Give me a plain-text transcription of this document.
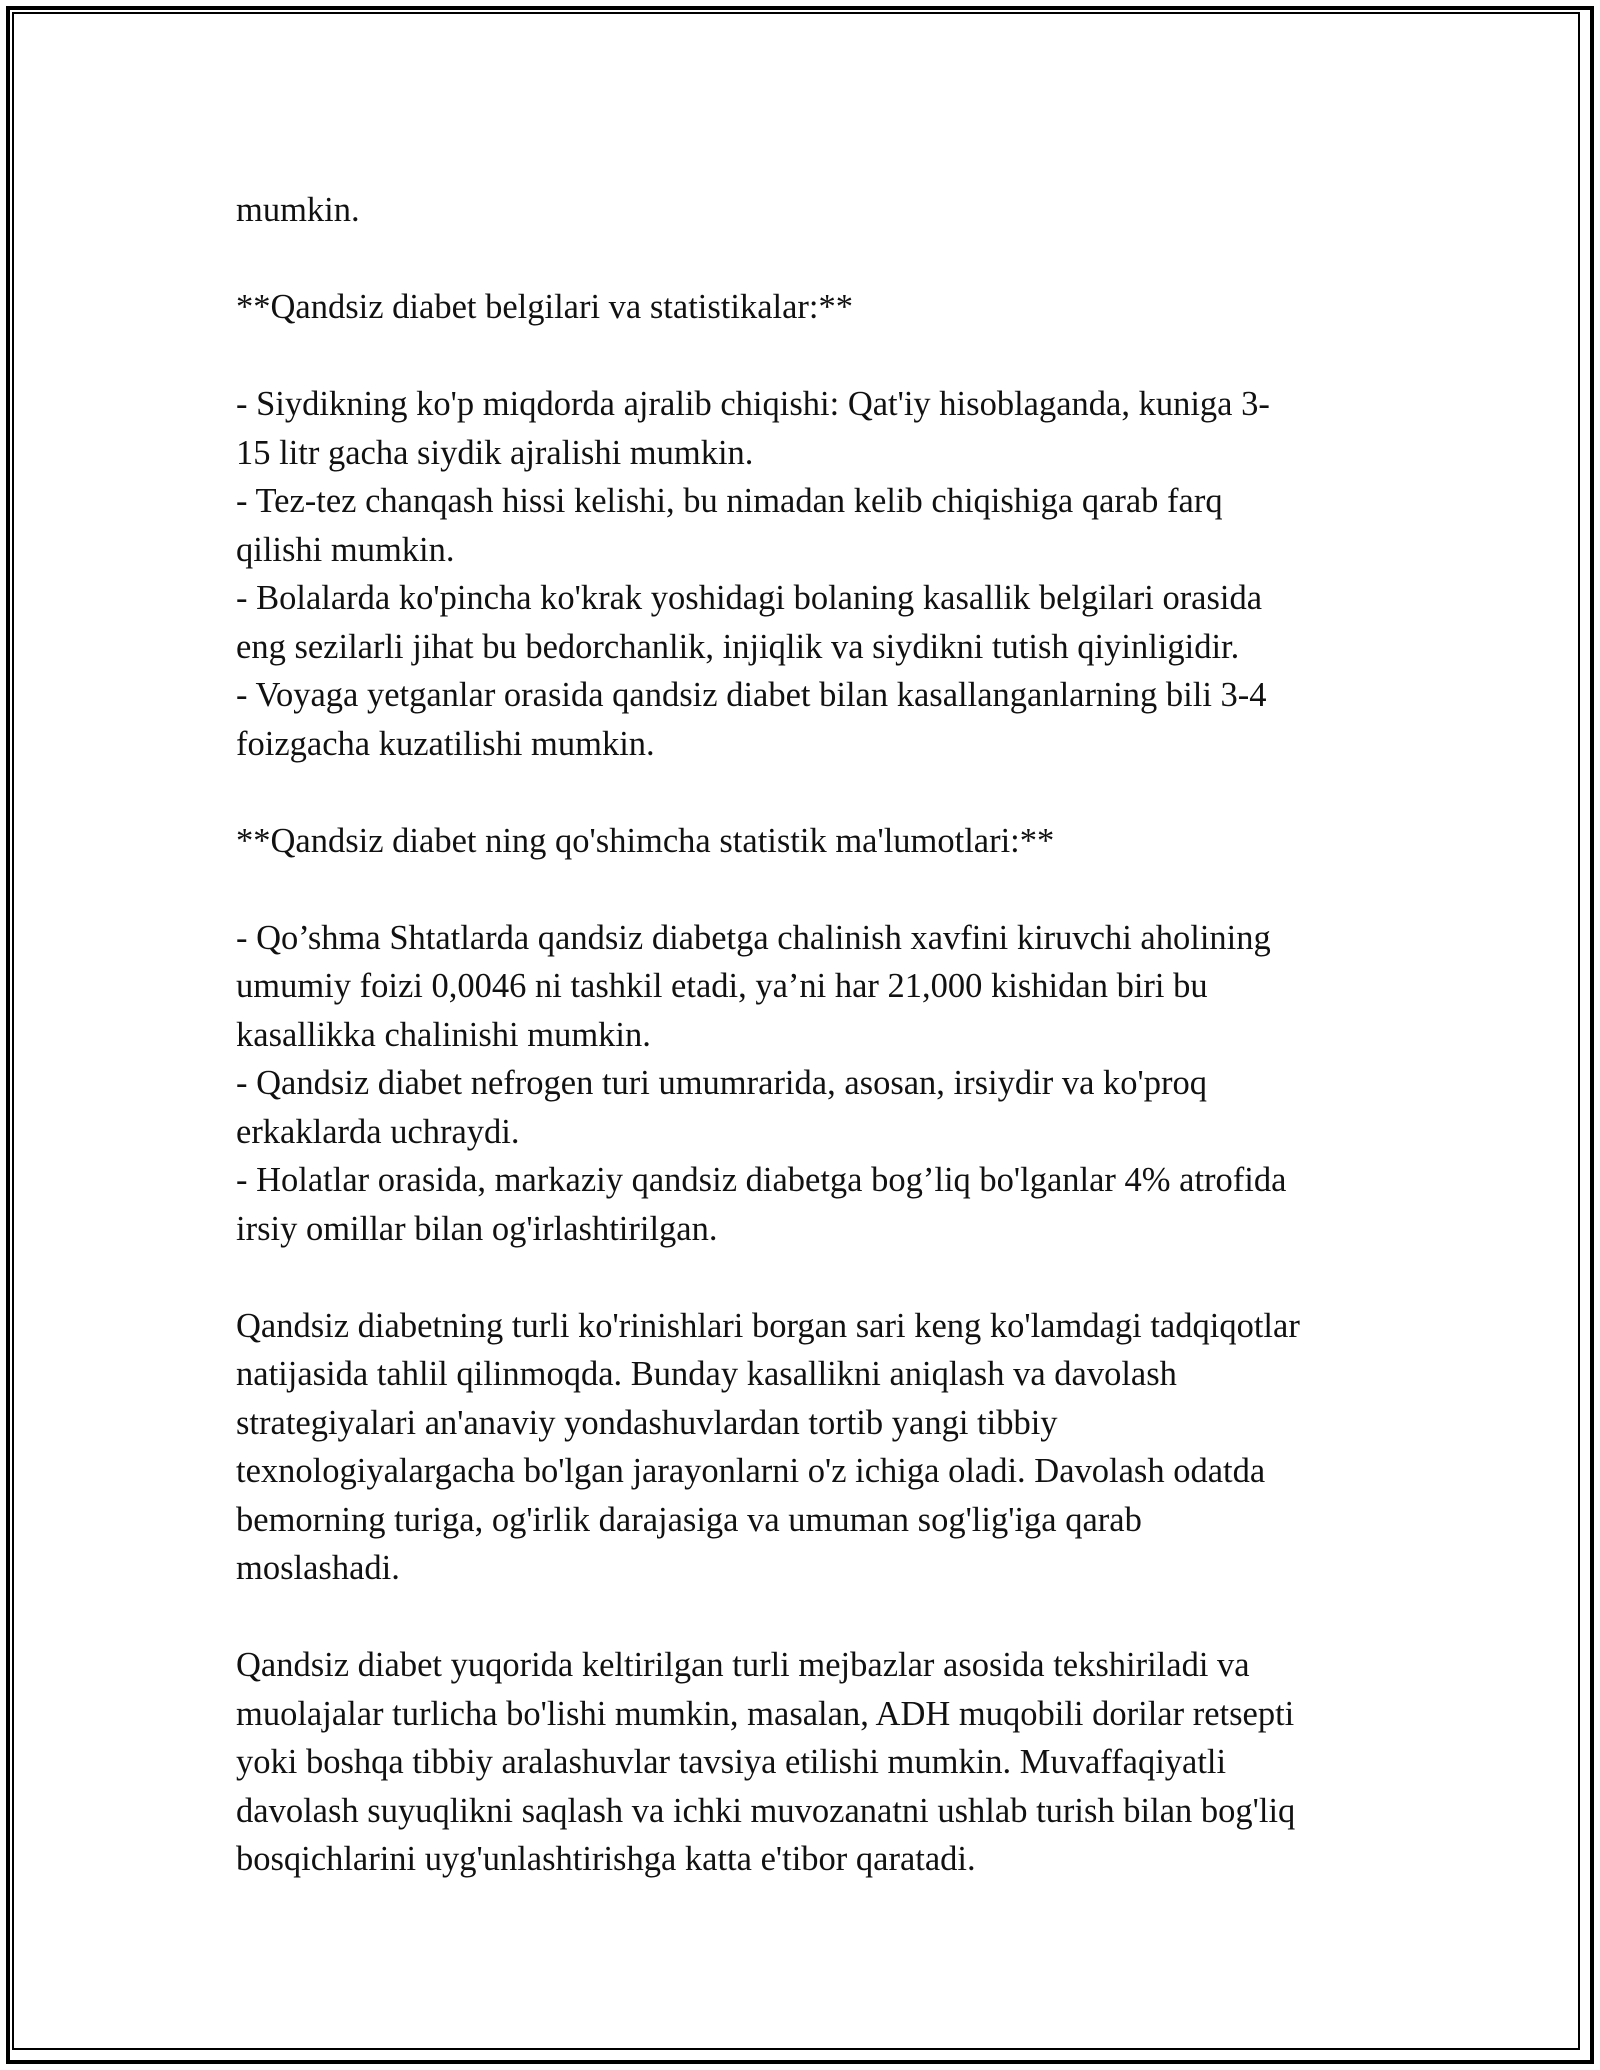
mumkin.
**Qandsiz diabet belgilari va statistikalar:**
- Siydikning ko'p miqdorda ajralib chiqishi: Qat'iy hisoblaganda, kuniga 3-
15 litr gacha siydik ajralishi mumkin.
- Tez-tez chanqash hissi kelishi, bu nimadan kelib chiqishiga qarab farq
qilishi mumkin.
- Bolalarda ko'pincha ko'krak yoshidagi bolaning kasallik belgilari orasida
eng sezilarli jihat bu bedorchanlik, injiqlik va siydikni tutish qiyinligidir.
- Voyaga yetganlar orasida qandsiz diabet bilan kasallanganlarning bili 3-4
foizgacha kuzatilishi mumkin.
**Qandsiz diabet ning qo'shimcha statistik ma'lumotlari:**
- Qo’shma Shtatlarda qandsiz diabetga chalinish xavfini kiruvchi aholining
umumiy foizi 0,0046 ni tashkil etadi, ya’ni har 21,000 kishidan biri bu
kasallikka chalinishi mumkin.
- Qandsiz diabet nefrogen turi umumrarida, asosan, irsiydir va ko'proq
erkaklarda uchraydi.
- Holatlar orasida, markaziy qandsiz diabetga bog’liq bo'lganlar 4% atrofida
irsiy omillar bilan og'irlashtirilgan.
Qandsiz diabetning turli ko'rinishlari borgan sari keng ko'lamdagi tadqiqotlar
natijasida tahlil qilinmoqda. Bunday kasallikni aniqlash va davolash
strategiyalari an'anaviy yondashuvlardan tortib yangi tibbiy
texnologiyalargacha bo'lgan jarayonlarni o'z ichiga oladi. Davolash odatda
bemorning turiga, og'irlik darajasiga va umuman sog'lig'iga qarab
moslashadi.
Qandsiz diabet yuqorida keltirilgan turli mejbazlar asosida tekshiriladi va
muolajalar turlicha bo'lishi mumkin, masalan, ADH muqobili dorilar retsepti
yoki boshqa tibbiy aralashuvlar tavsiya etilishi mumkin. Muvaffaqiyatli
davolash suyuqlikni saqlash va ichki muvozanatni ushlab turish bilan bog'liq
bosqichlarini uyg'unlashtirishga katta e'tibor qaratadi.
